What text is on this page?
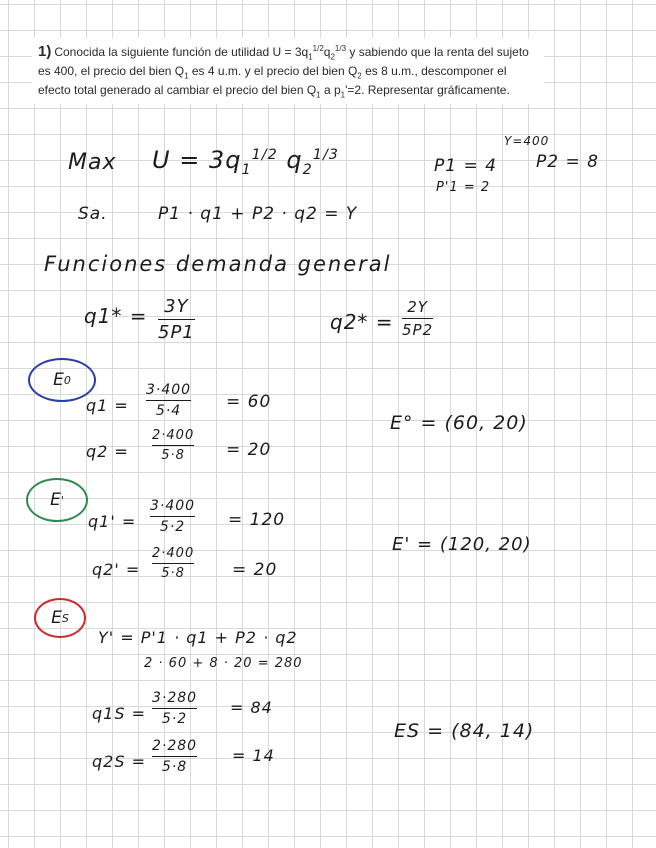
1) Conocida la siguiente función de utilidad $U = 3q_1^{1/2}q_2^{1/3}$ y sabiendo que la renta del sujeto es 400, el precio del bien $Q_1$ es 4 u.m. y el precio del bien $Q_2$ es 8 u.m., descomponer el efecto total generado al cambiar el precio del bien $Q_1$ a $p_1'=2$. Representar gráficamente.
Max $U = 3q_1^{1/2}$ $q_2^{1/3}$
Y=400
P1 = 4 P2 = 8
P'1 = 2
Sa.	P1 · q1 + P2 · q2 = Y
Funciones demanda general
q1* = 3Y
5P1	q2* =
2Y
5P2
E 0
q1 =
3·400
5·4	= 60
q2 =
2·400
5·8 = 20
E° = (60, 20)
E '
q1' =
3·400
5·2	= 120
q2' =
2·400
5·8	= 20
E' = (120, 20)
E S
Y' = P'1 · q1 + P2 · q2
2 · 60 + 8 · 20 = 280
q1S =
3·280
5·2
= 84
q2S =
2·280
5·8
= 14
ES = (84, 14)
